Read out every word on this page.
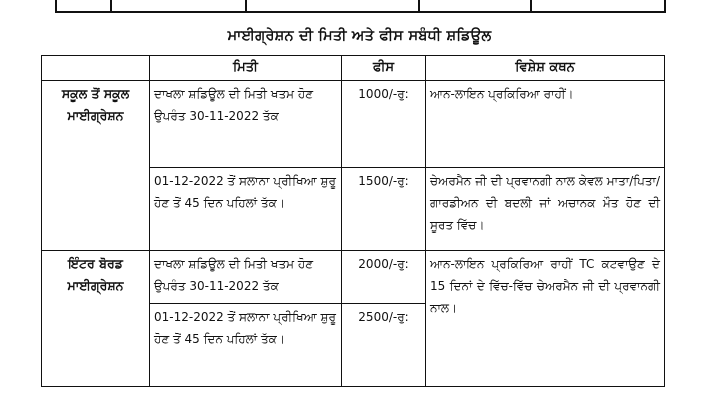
ਮਾਈਗ੍ਰੇਸ਼ਨ ਦੀ ਮਿਤੀ ਅਤੇ ਫੀਸ ਸਬੰਧੀ ਸ਼ਡਿਊਲ
	ਮਿਤੀ	ਫੀਸ	ਵਿਸ਼ੇਸ਼ ਕਥਨ
ਸਕੂਲ ਤੋਂ ਸਕੂਲ ਮਾਈਗ੍ਰੇਸ਼ਨ	ਦਾਖਲਾ ਸ਼ਡਿਊਲ ਦੀ ਮਿਤੀ ਖਤਮ ਹੋਣ ਉਪਰੰਤ 30-11-2022 ਤੱਕ	1000/-ਰੁ:	ਆਨ-ਲਾਇਨ ਪ੍ਰਕਿਰਿਆ ਰਾਹੀਂ।
	01-12-2022 ਤੋਂ ਸਲਾਨਾ ਪ੍ਰੀਖਿਆ ਸ਼ੁਰੂ ਹੋਣ ਤੋਂ 45 ਦਿਨ ਪਹਿਲਾਂ ਤੱਕ।	1500/-ਰੁ:	ਚੇਅਰਮੈਨ ਜੀ ਦੀ ਪ੍ਰਵਾਨਗੀ ਨਾਲ ਕੇਵਲ ਮਾਤਾ/ਪਿਤਾ/ਗਾਰਡੀਅਨ ਦੀ ਬਦਲੀ ਜਾਂ ਅਚਾਨਕ ਮੌਤ ਹੋਣ ਦੀ ਸੂਰਤ ਵਿੱਚ।
ਇੰਟਰ ਬੋਰਡ ਮਾਈਗ੍ਰੇਸ਼ਨ	ਦਾਖਲਾ ਸ਼ਡਿਊਲ ਦੀ ਮਿਤੀ ਖਤਮ ਹੋਣ ਉਪਰੰਤ 30-11-2022 ਤੱਕ	2000/-ਰੁ:	ਆਨ-ਲਾਇਨ ਪ੍ਰਕਿਰਿਆ ਰਾਹੀਂ TC ਕਟਵਾਉਣ ਦੇ 15 ਦਿਨਾਂ ਦੇ ਵਿੱਚ-ਵਿੱਚ ਚੇਅਰਮੈਨ ਜੀ ਦੀ ਪ੍ਰਵਾਨਗੀ ਨਾਲ।
	01-12-2022 ਤੋਂ ਸਲਾਨਾ ਪ੍ਰੀਖਿਆ ਸ਼ੁਰੂ ਹੋਣ ਤੋਂ 45 ਦਿਨ ਪਹਿਲਾਂ ਤੱਕ।	2500/-ਰੁ:	
